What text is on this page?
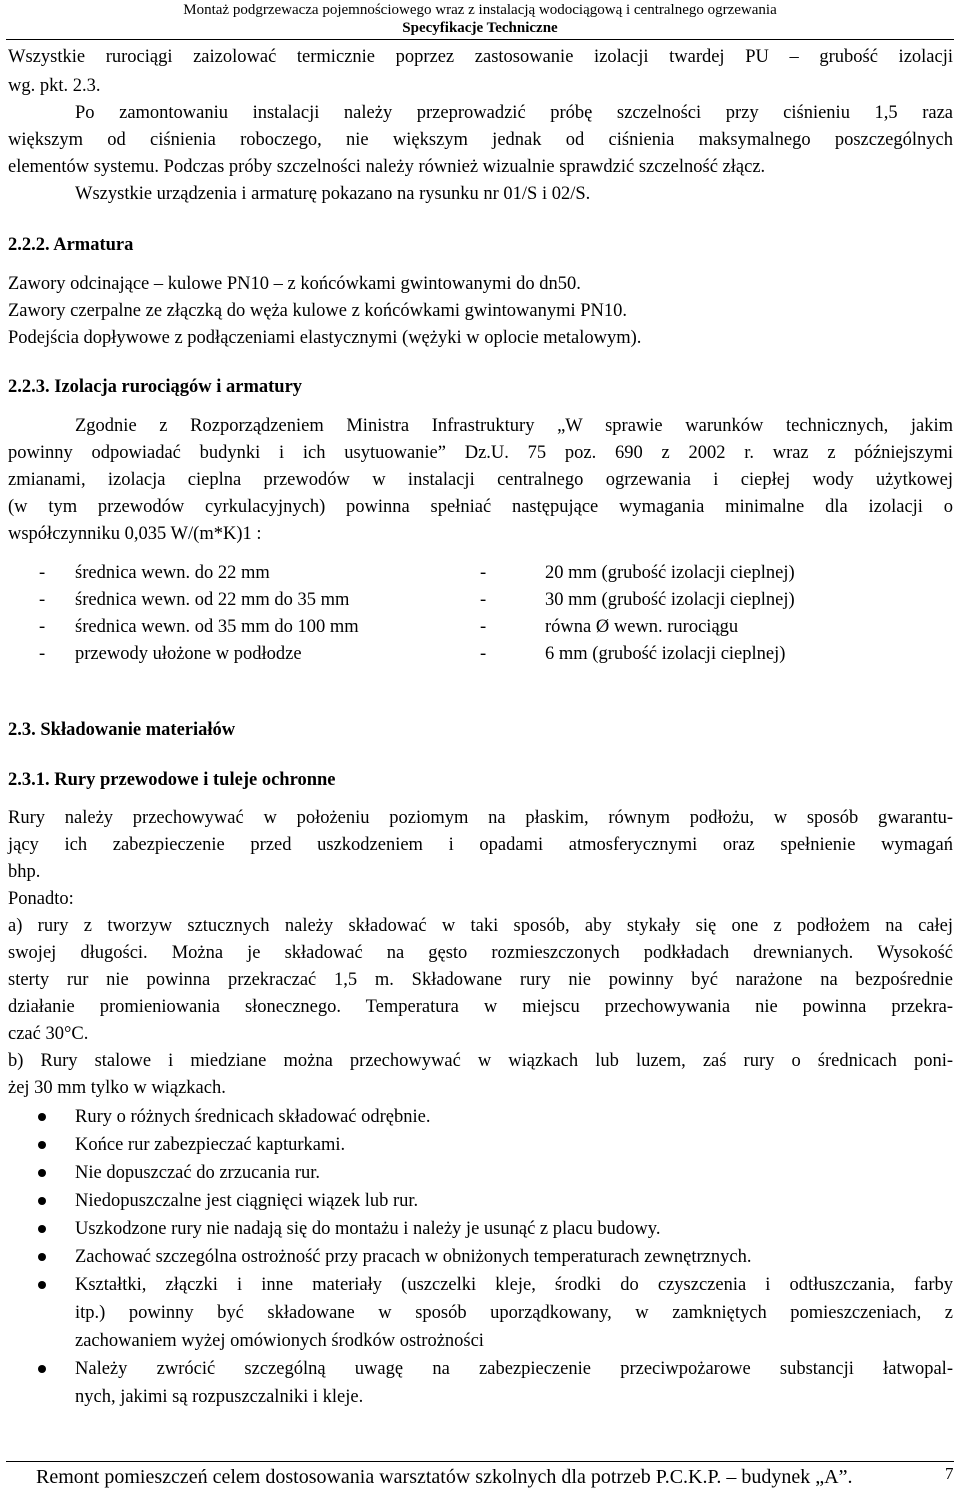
Montaż podgrzewacza pojemnościowego wraz z instalacją wodociągową i centralnego ogrzewania
Specyfikacje Techniczne
Wszystkie rurociągi zaizolować termicznie poprzez zastosowanie izolacji twardej PU – grubość izolacji
wg. pkt. 2.3.
Po zamontowaniu instalacji należy przeprowadzić próbę szczelności przy ciśnieniu 1,5 raza
większym od ciśnienia roboczego, nie większym jednak od ciśnienia maksymalnego poszczególnych
elementów systemu. Podczas próby szczelności należy również wizualnie sprawdzić szczelność złącz.
Wszystkie urządzenia i armaturę pokazano na rysunku nr 01/S i 02/S.
2.2.2. Armatura
Zawory odcinające – kulowe PN10 – z końcówkami gwintowanymi do dn50.
Zawory czerpalne ze złączką do węża kulowe z końcówkami gwintowanymi PN10.
Podejścia dopływowe z podłączeniami elastycznymi (wężyki w oplocie metalowym).
2.2.3. Izolacja rurociągów i armatury
Zgodnie z Rozporządzeniem Ministra Infrastruktury „W sprawie warunków technicznych, jakim
powinny odpowiadać budynki i ich usytuowanie” Dz.U. 75 poz. 690 z 2002 r. wraz z późniejszymi
zmianami, izolacja cieplna przewodów w instalacji centralnego ogrzewania i ciepłej wody użytkowej
(w tym przewodów cyrkulacyjnych) powinna spełniać następujące wymagania minimalne dla izolacji o
współczynniku 0,035 W/(m*K)1 :
- średnica wewn. do 22 mm	-	20 mm (grubość izolacji cieplnej)
- średnica wewn. od 22 mm do 35 mm	-	30 mm (grubość izolacji cieplnej)
- średnica wewn. od 35 mm do 100 mm	-	równa Ø wewn. rurociągu
- przewody ułożone w podłodze	-	6 mm (grubość izolacji cieplnej)
2.3. Składowanie materiałów
2.3.1. Rury przewodowe i tuleje ochronne
Rury należy przechowywać w położeniu poziomym na płaskim, równym podłożu, w sposób gwarantu-
jący ich zabezpieczenie przed uszkodzeniem i opadami atmosferycznymi oraz spełnienie wymagań
bhp.
Ponadto:
a) rury z tworzyw sztucznych należy składować w taki sposób, aby stykały się one z podłożem na całej
swojej długości. Można je składować na gęsto rozmieszczonych podkładach drewnianych. Wysokość
sterty rur nie powinna przekraczać 1,5 m. Składowane rury nie powinny być narażone na bezpośrednie
działanie promieniowania słonecznego. Temperatura w miejscu przechowywania nie powinna przekra-
czać 30°C.
b) Rury stalowe i miedziane można przechowywać w wiązkach lub luzem, zaś rury o średnicach poni-
żej 30 mm tylko w wiązkach.
Rury o różnych średnicach składować odrębnie.
Końce rur zabezpieczać kapturkami.
Nie dopuszczać do zrzucania rur.
Niedopuszczalne jest ciągnięci wiązek lub rur.
Uszkodzone rury nie nadają się do montażu i należy je usunąć z placu budowy.
Zachować szczególna ostrożność przy pracach w obniżonych temperaturach zewnętrznych.
Kształtki, złączki i inne materiały (uszczelki kleje, środki do czyszczenia i odtłuszczania, farby
itp.) powinny być składowane w sposób uporządkowany, w zamkniętych pomieszczeniach, z
zachowaniem wyżej omówionych środków ostrożności
Należy zwrócić szczególną uwagę na zabezpieczenie przeciwpożarowe substancji łatwopal-
nych, jakimi są rozpuszczalniki i kleje.
Remont pomieszczeń celem dostosowania warsztatów szkolnych dla potrzeb P.C.K.P. – budynek „A”.	7
